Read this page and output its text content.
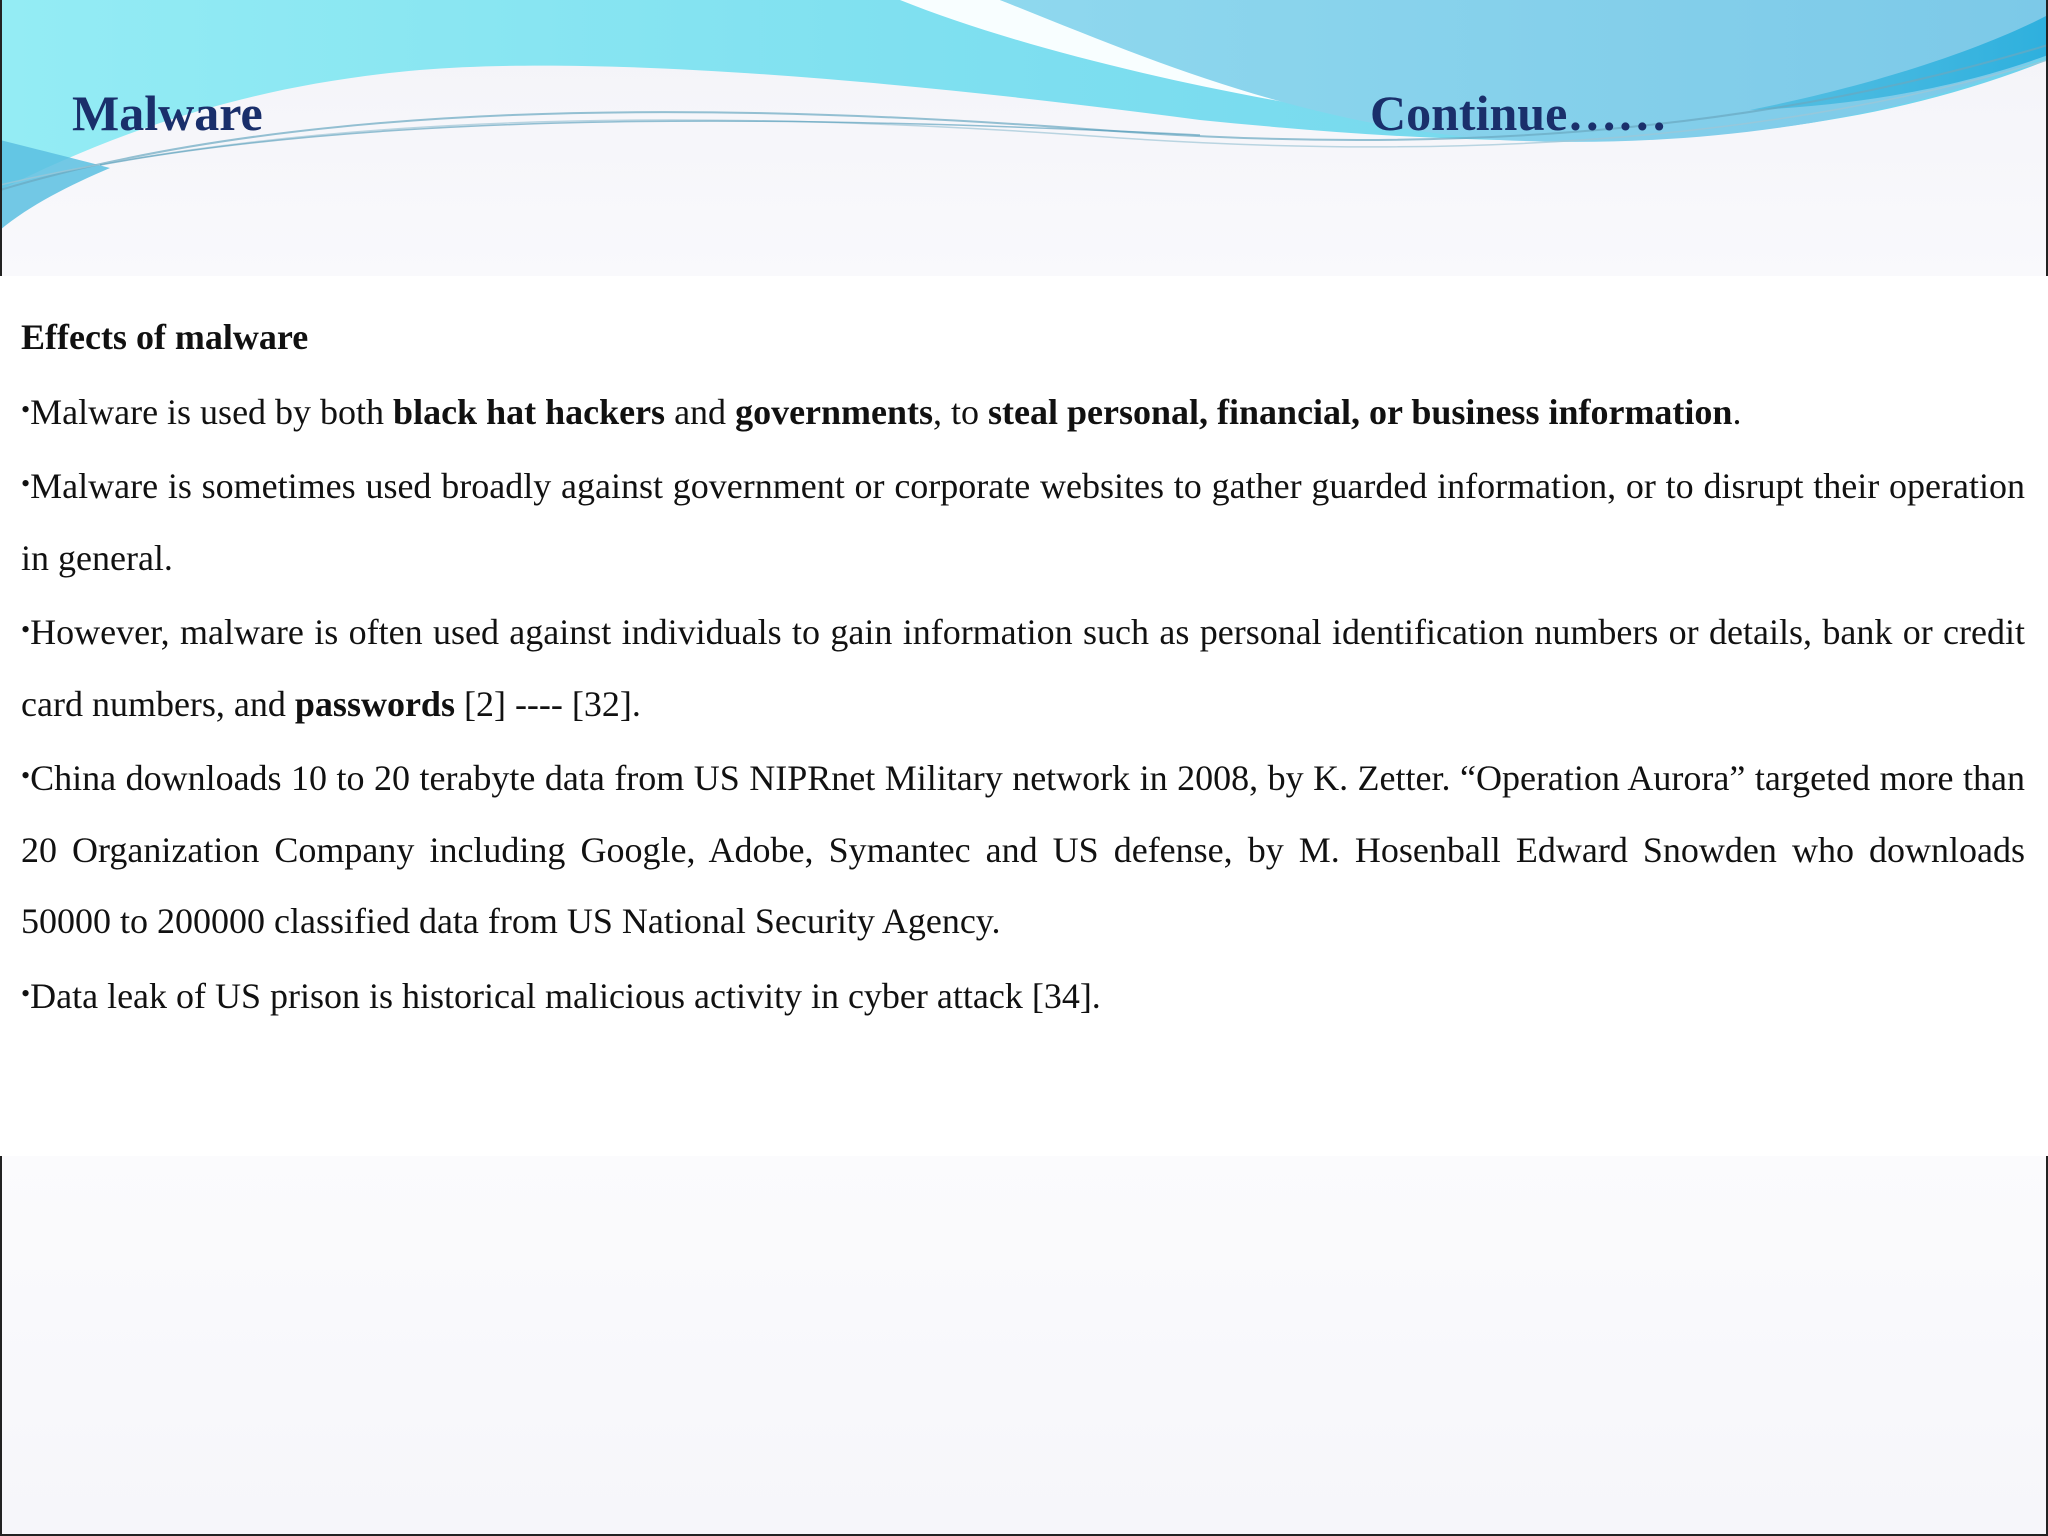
Malware	Continue……

Effects of malware

•Malware is used by both black hat hackers and governments, to steal personal, financial, or business information.

•Malware is sometimes used broadly against government or corporate websites to gather guarded information, or to disrupt their operation in general.

•However, malware is often used against individuals to gain information such as personal identification numbers or details, bank or credit card numbers, and passwords [2] ---- [32].

•China downloads 10 to 20 terabyte data from US NIPRnet Military network in 2008, by K. Zetter. “Operation Aurora” targeted more than 20 Organization Company including Google, Adobe, Symantec and US defense, by M. Hosenball Edward Snowden who downloads 50000 to 200000 classified data from US National Security Agency.

•Data leak of US prison is historical malicious activity in cyber attack [34].
